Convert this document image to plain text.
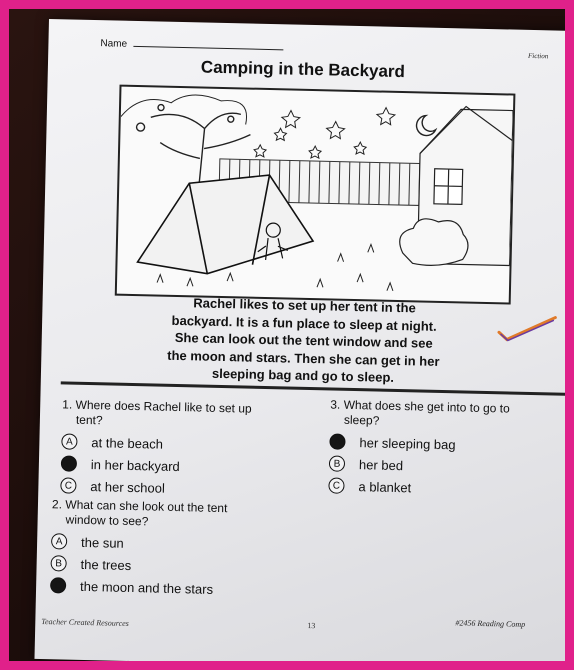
Name
Fiction
Camping in the Backyard
Rachel likes to set up her tent in the
backyard. It is a fun place to sleep at night.
She can look out the tent window and see
the moon and stars. Then she can get in her
sleeping bag and go to sleep.
1. Where does Rachel like to set up
tent?
A	at the beach
B	in her backyard
C	at her school
2. What can she look out the tent
window to see?
A	the sun
B	the trees
C	the moon and the stars
3. What does she get into to go to
sleep?
A	her sleeping bag
B	her bed
C	a blanket
Teacher Created Resources	13	#2456 Reading Comp
